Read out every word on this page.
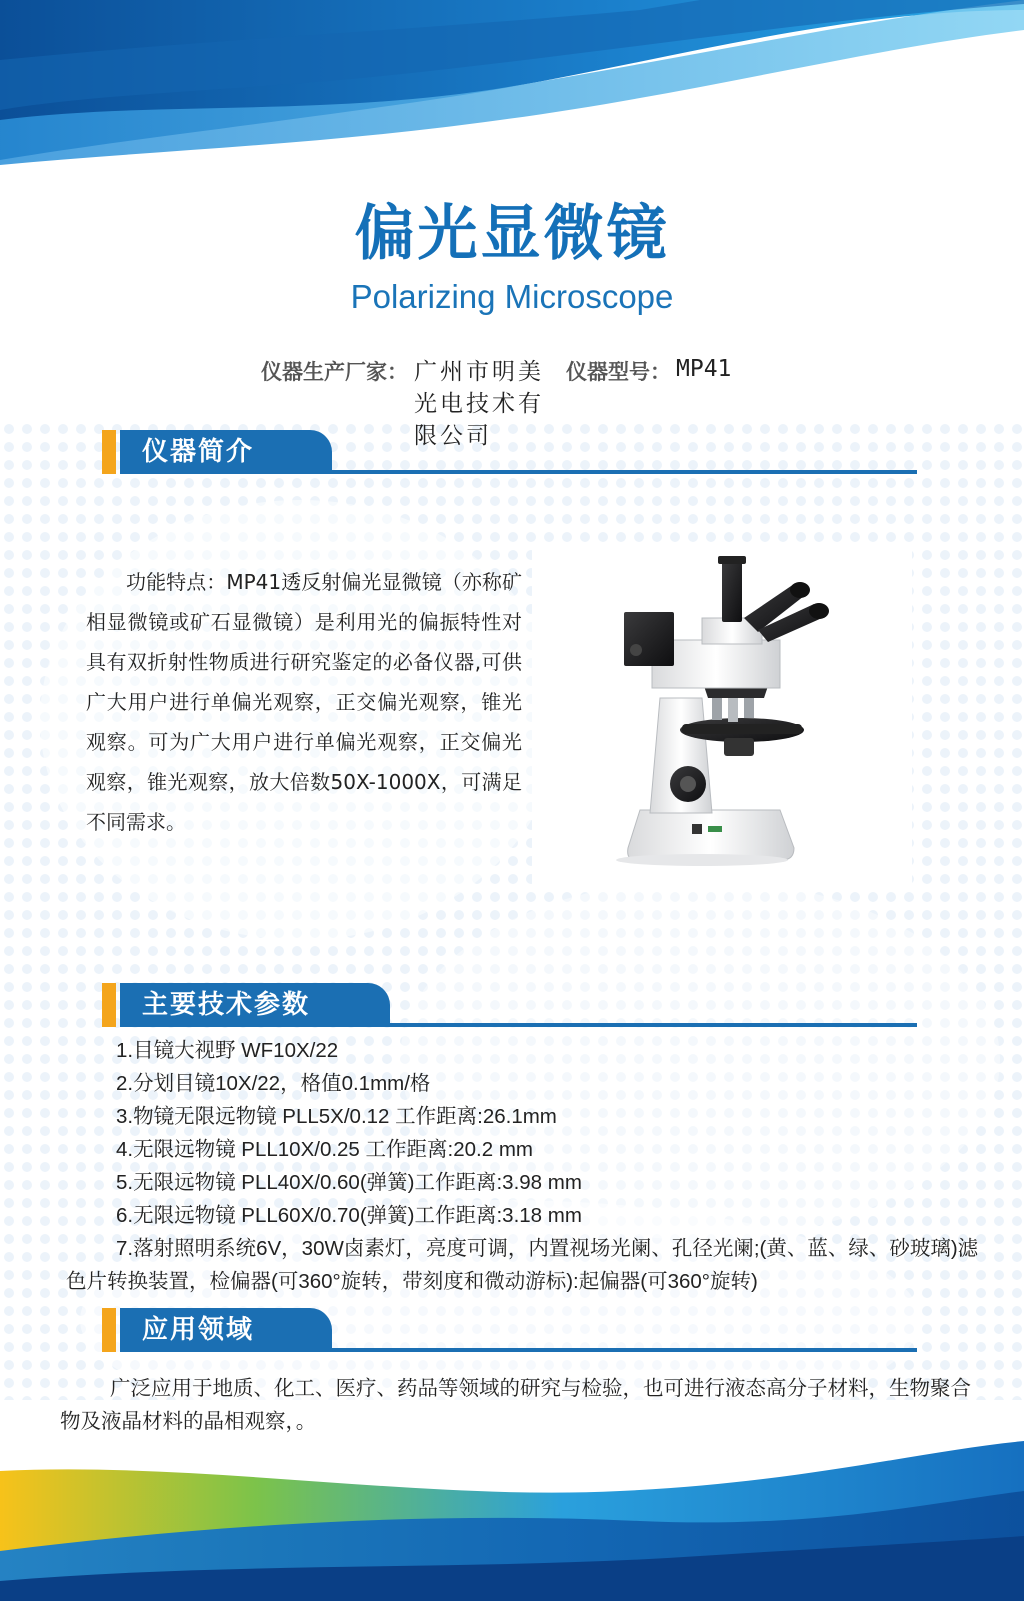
偏光显微镜
Polarizing Microscope
仪器生产厂家： 广州市明美光电技术有限公司
仪器型号： MP41
仪器简介
功能特点：MP41透反射偏光显微镜（亦称矿相显微镜或矿石显微镜）是利用光的偏振特性对具有双折射性物质进行研究鉴定的必备仪器,可供广大用户进行单偏光观察，正交偏光观察，锥光观察。可为广大用户进行单偏光观察，正交偏光观察，锥光观察，放大倍数50X-1000X，可满足不同需求。
主要技术参数
1.目镜大视野 WF10X/22
2.分划目镜10X/22，格值0.1mm/格
3.物镜无限远物镜 PLL5X/0.12 工作距离:26.1mm
4.无限远物镜 PLL10X/0.25 工作距离:20.2 mm
5.无限远物镜 PLL40X/0.60(弹簧)工作距离:3.98 mm
6.无限远物镜 PLL60X/0.70(弹簧)工作距离:3.18 mm
7.落射照明系统6V，30W卤素灯，亮度可调，内置视场光阑、孔径光阑;(黄、蓝、绿、砂玻璃)滤色片转换装置，检偏器(可360°旋转，带刻度和微动游标):起偏器(可360°旋转)
应用领域
广泛应用于地质、化工、医疗、药品等领域的研究与检验，也可进行液态高分子材料，生物聚合 物及液晶材料的晶相观察，。
